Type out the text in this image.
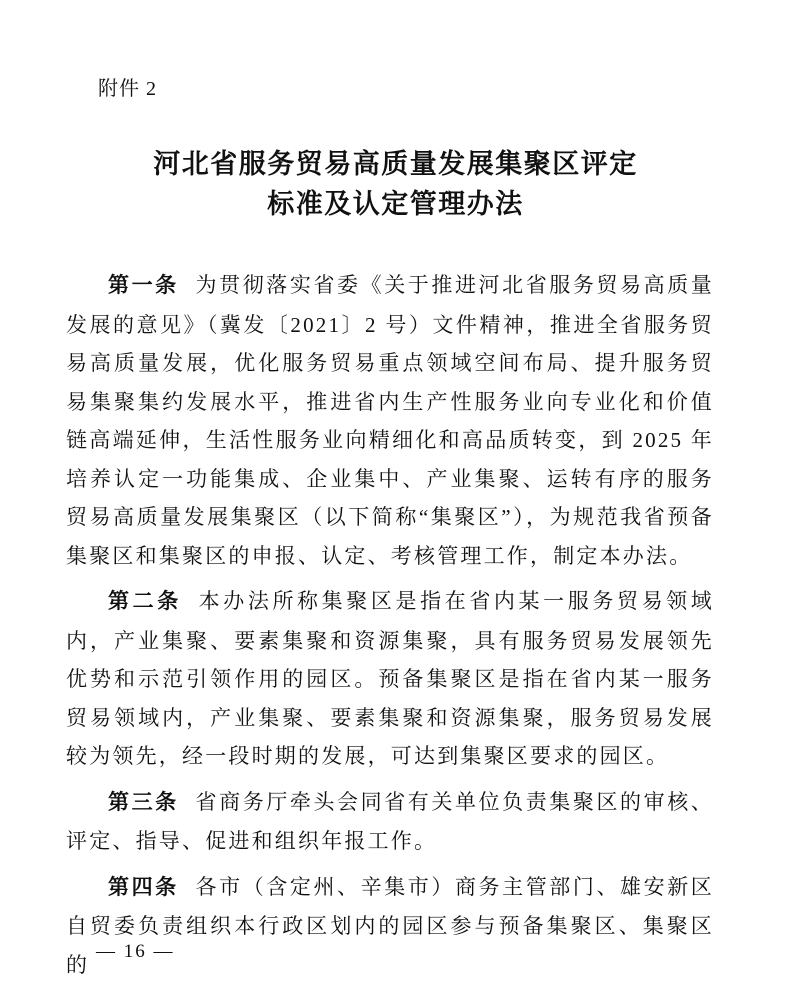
附件 2
河北省服务贸易高质量发展集聚区评定
标准及认定管理办法

第一条 为贯彻落实省委《关于推进河北省服务贸易高质量发展的意见》（冀发〔2021〕2 号）文件精神，推进全省服务贸易高质量发展，优化服务贸易重点领域空间布局、提升服务贸易集聚集约发展水平，推进省内生产性服务业向专业化和价值链高端延伸，生活性服务业向精细化和高品质转变，到 2025 年培养认定一功能集成、企业集中、产业集聚、运转有序的服务贸易高质量发展集聚区（以下简称“集聚区”），为规范我省预备集聚区和集聚区的申报、认定、考核管理工作，制定本办法。

第二条 本办法所称集聚区是指在省内某一服务贸易领域内，产业集聚、要素集聚和资源集聚，具有服务贸易发展领先优势和示范引领作用的园区。预备集聚区是指在省内某一服务贸易领域内，产业集聚、要素集聚和资源集聚，服务贸易发展较为领先，经一段时期的发展，可达到集聚区要求的园区。

第三条 省商务厅牵头会同省有关单位负责集聚区的审核、评定、指导、促进和组织年报工作。

第四条 各市（含定州、辛集市）商务主管部门、雄安新区自贸委负责组织本行政区划内的园区参与预备集聚区、集聚区的

— 16 —
